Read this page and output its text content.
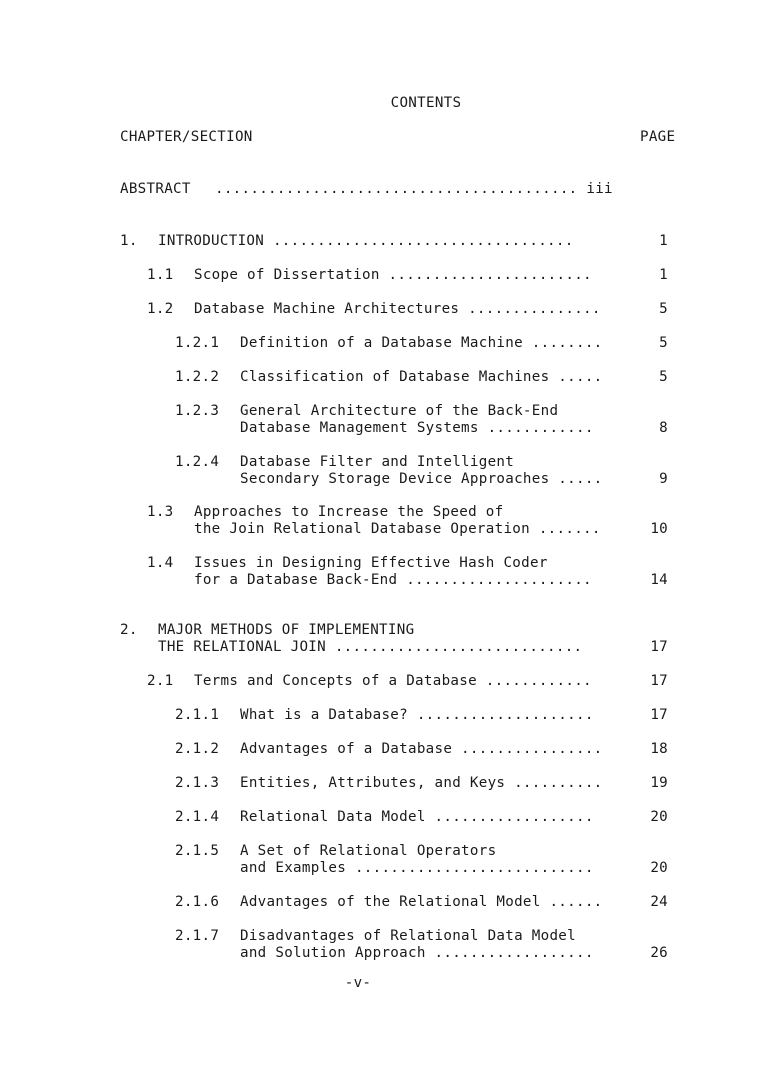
CONTENTS
CHAPTER/SECTION	PAGE
ABSTRACT ......................................... iii
1. INTRODUCTION ..................................	1
1.1 Scope of Dissertation .......................	1
1.2 Database Machine Architectures ...............	5
1.2.1 Definition of a Database Machine ........	5
1.2.2 Classification of Database Machines .....	5
1.2.3 General Architecture of the Back-End
Database Management Systems ............	8
1.2.4 Database Filter and Intelligent
Secondary Storage Device Approaches .....	9
1.3 Approaches to Increase the Speed of
the Join Relational Database Operation .......	10
1.4 Issues in Designing Effective Hash Coder
for a Database Back-End .....................	14
2. MAJOR METHODS OF IMPLEMENTING
THE RELATIONAL JOIN ............................	17
2.1 Terms and Concepts of a Database ............	17
2.1.1 What is a Database? ....................	17
2.1.2 Advantages of a Database ................	18
2.1.3 Entities, Attributes, and Keys ..........	19
2.1.4 Relational Data Model ..................	20
2.1.5 A Set of Relational Operators
and Examples ...........................	20
2.1.6 Advantages of the Relational Model ......	24
2.1.7 Disadvantages of Relational Data Model
and Solution Approach ..................	26
-v-
